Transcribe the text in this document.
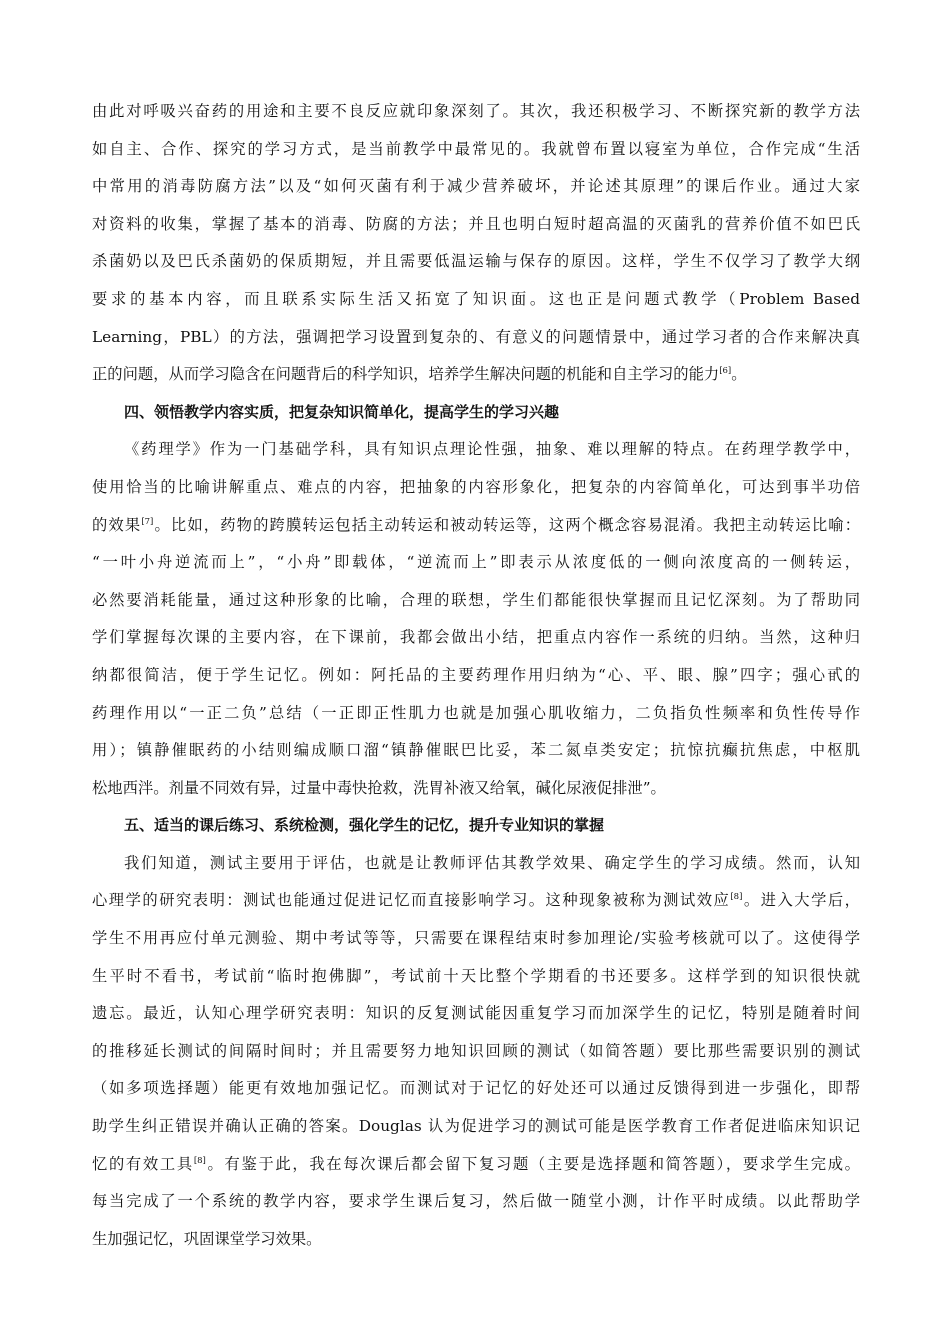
由此对呼吸兴奋药的用途和主要不良反应就印象深刻了。其次，我还积极学习、不断探究新的教学方法
如自主、合作、探究的学习方式，是当前教学中最常见的。我就曾布置以寝室为单位，合作完成“生活
中常用的消毒防腐方法”以及“如何灭菌有利于减少营养破坏，并论述其原理”的课后作业。通过大家
对资料的收集，掌握了基本的消毒、防腐的方法；并且也明白短时超高温的灭菌乳的营养价值不如巴氏
杀菌奶以及巴氏杀菌奶的保质期短，并且需要低温运输与保存的原因。这样，学生不仅学习了教学大纲
要求的基本内容，而且联系实际生活又拓宽了知识面。这也正是问题式教学（Problem Based
Learning，PBL）的方法，强调把学习设置到复杂的、有意义的问题情景中，通过学习者的合作来解决真
正的问题，从而学习隐含在问题背后的科学知识，培养学生解决问题的机能和自主学习的能力[6]。
四、领悟教学内容实质，把复杂知识简单化，提高学生的学习兴趣
《药理学》作为一门基础学科，具有知识点理论性强，抽象、难以理解的特点。在药理学教学中，
使用恰当的比喻讲解重点、难点的内容，把抽象的内容形象化，把复杂的内容简单化，可达到事半功倍
的效果[7]。比如，药物的跨膜转运包括主动转运和被动转运等，这两个概念容易混淆。我把主动转运比喻：
“一叶小舟逆流而上”，“小舟”即载体，“逆流而上”即表示从浓度低的一侧向浓度高的一侧转运，
必然要消耗能量，通过这种形象的比喻，合理的联想，学生们都能很快掌握而且记忆深刻。为了帮助同
学们掌握每次课的主要内容，在下课前，我都会做出小结，把重点内容作一系统的归纳。当然，这种归
纳都很简洁，便于学生记忆。例如：阿托品的主要药理作用归纳为“心、平、眼、腺”四字；强心甙的
药理作用以“一正二负”总结（一正即正性肌力也就是加强心肌收缩力，二负指负性频率和负性传导作
用）；镇静催眠药的小结则编成顺口溜“镇静催眠巴比妥，苯二氮卓类安定；抗惊抗癫抗焦虑，中枢肌
松地西泮。剂量不同效有异，过量中毒快抢救，洗胃补液又给氧，碱化尿液促排泄”。
五、适当的课后练习、系统检测，强化学生的记忆，提升专业知识的掌握
我们知道，测试主要用于评估，也就是让教师评估其教学效果、确定学生的学习成绩。然而，认知
心理学的研究表明：测试也能通过促进记忆而直接影响学习。这种现象被称为测试效应[8]。进入大学后，
学生不用再应付单元测验、期中考试等等，只需要在课程结束时参加理论/实验考核就可以了。这使得学
生平时不看书，考试前“临时抱佛脚”，考试前十天比整个学期看的书还要多。这样学到的知识很快就
遗忘。最近，认知心理学研究表明：知识的反复测试能因重复学习而加深学生的记忆，特别是随着时间
的推移延长测试的间隔时间时；并且需要努力地知识回顾的测试（如简答题）要比那些需要识别的测试
（如多项选择题）能更有效地加强记忆。而测试对于记忆的好处还可以通过反馈得到进一步强化，即帮
助学生纠正错误并确认正确的答案。Douglas 认为促进学习的测试可能是医学教育工作者促进临床知识记
忆的有效工具[8]。有鉴于此，我在每次课后都会留下复习题（主要是选择题和简答题），要求学生完成。
每当完成了一个系统的教学内容，要求学生课后复习，然后做一随堂小测，计作平时成绩。以此帮助学
生加强记忆，巩固课堂学习效果。
